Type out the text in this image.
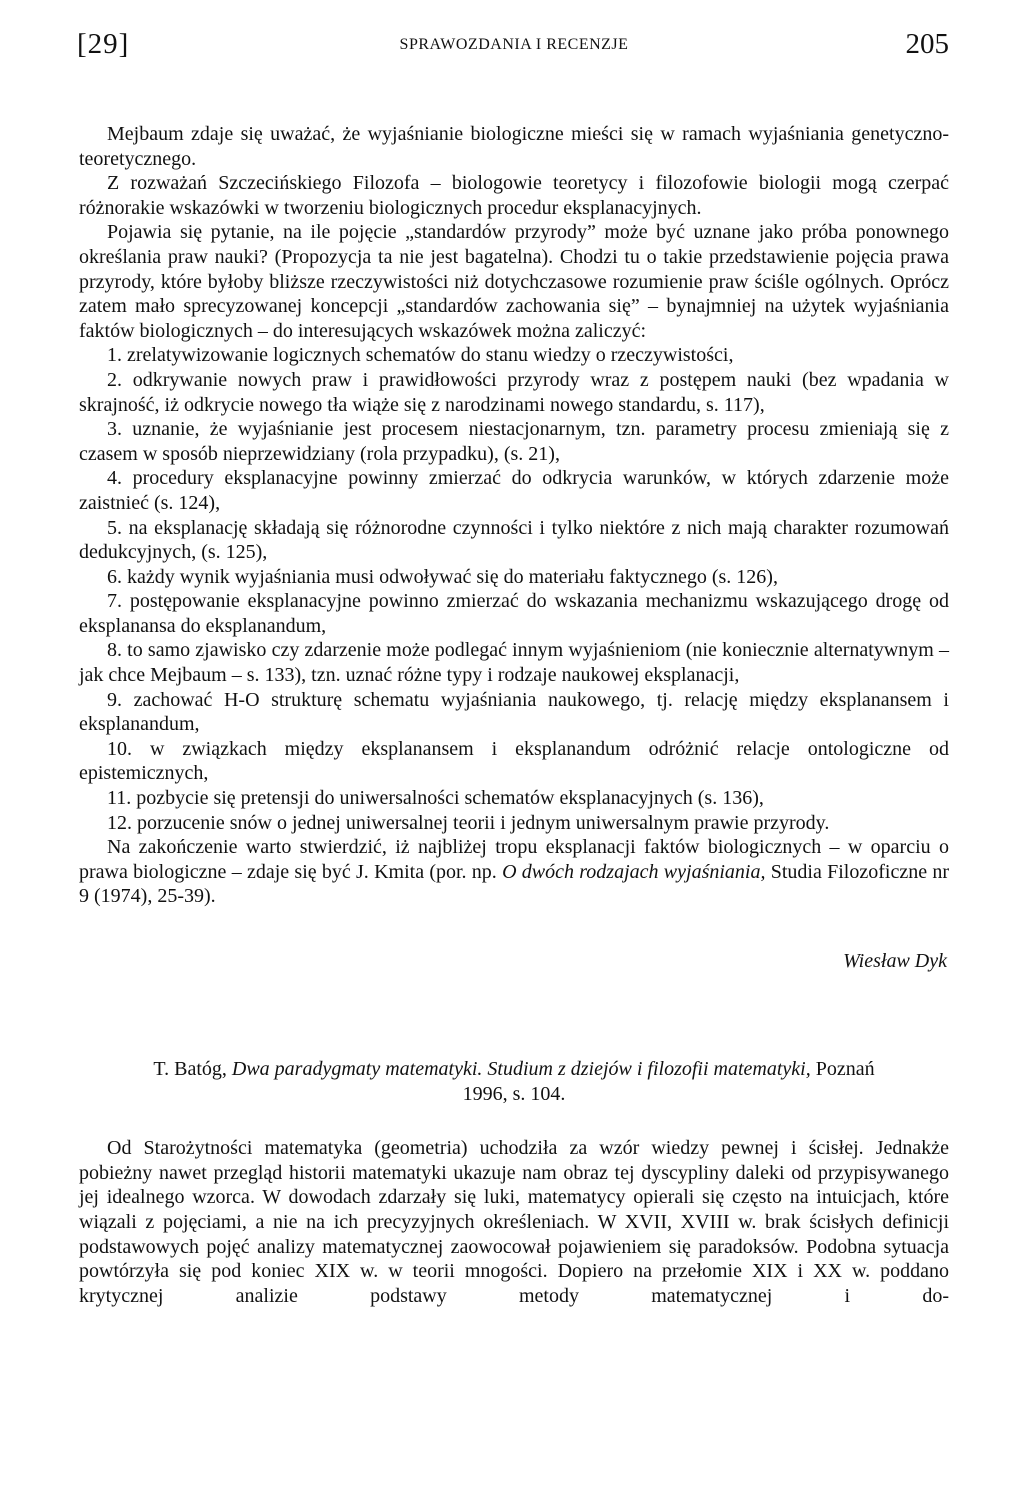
[29]	SPRAWOZDANIA I RECENZJE	205

Mejbaum zdaje się uważać, że wyjaśnianie biologiczne mieści się w ramach wyjaśniania genetyczno-teoretycznego.

Z rozważań Szczecińskiego Filozofa – biologowie teoretycy i filozofowie biologii mogą czerpać różnorakie wskazówki w tworzeniu biologicznych procedur eksplanacyjnych.

Pojawia się pytanie, na ile pojęcie „standardów przyrody” może być uznane jako próba ponownego określania praw nauki? (Propozycja ta nie jest bagatelna). Chodzi tu o takie przedstawienie pojęcia prawa przyrody, które byłoby bliższe rzeczywistości niż dotychczasowe rozumienie praw ściśle ogólnych. Oprócz zatem mało sprecyzowanej koncepcji „standardów zachowania się” – bynajmniej na użytek wyjaśniania faktów biologicznych – do interesujących wskazówek można zaliczyć:

1. zrelatywizowanie logicznych schematów do stanu wiedzy o rzeczywistości,

2. odkrywanie nowych praw i prawidłowości przyrody wraz z postępem nauki (bez wpadania w skrajność, iż odkrycie nowego tła wiąże się z narodzinami nowego standardu, s. 117),

3. uznanie, że wyjaśnianie jest procesem niestacjonarnym, tzn. parametry procesu zmieniają się z czasem w sposób nieprzewidziany (rola przypadku), (s. 21),

4. procedury eksplanacyjne powinny zmierzać do odkrycia warunków, w których zdarzenie może zaistnieć (s. 124),

5. na eksplanację składają się różnorodne czynności i tylko niektóre z nich mają charakter rozumowań dedukcyjnych, (s. 125),

6. każdy wynik wyjaśniania musi odwoływać się do materiału faktycznego (s. 126),

7. postępowanie eksplanacyjne powinno zmierzać do wskazania mechanizmu wskazującego drogę od eksplanansa do eksplanandum,

8. to samo zjawisko czy zdarzenie może podlegać innym wyjaśnieniom (nie koniecznie alternatywnym – jak chce Mejbaum – s. 133), tzn. uznać różne typy i rodzaje naukowej eksplanacji,

9. zachować H-O strukturę schematu wyjaśniania naukowego, tj. relację między eksplanansem i eksplanandum,

10. w związkach między eksplanansem i eksplanandum odróżnić relacje ontologiczne od epistemicznych,

11. pozbycie się pretensji do uniwersalności schematów eksplanacyjnych (s. 136),

12. porzucenie snów o jednej uniwersalnej teorii i jednym uniwersalnym prawie przyrody.

Na zakończenie warto stwierdzić, iż najbliżej tropu eksplanacji faktów biologicznych – w oparciu o prawa biologiczne – zdaje się być J. Kmita (por. np. O dwóch rodzajach wyjaśniania, Studia Filozoficzne nr 9 (1974), 25-39).

Wiesław Dyk
T. Batóg, Dwa paradygmaty matematyki. Studium z dziejów i filozofii matematyki, Poznań 1996, s. 104.

Od Starożytności matematyka (geometria) uchodziła za wzór wiedzy pewnej i ścisłej. Jednakże pobieżny nawet przegląd historii matematyki ukazuje nam obraz tej dyscypliny daleki od przypisywanego jej idealnego wzorca. W dowodach zdarzały się luki, matematycy opierali się często na intuicjach, które wiązali z pojęciami, a nie na ich precyzyjnych określeniach. W XVII, XVIII w. brak ścisłych definicji podstawowych pojęć analizy matematycznej zaowocował pojawieniem się paradoksów. Podobna sytuacja powtórzyła się pod koniec XIX w. w teorii mnogości. Dopiero na przełomie XIX i XX w. poddano krytycznej analizie podstawy metody matematycznej i do-
